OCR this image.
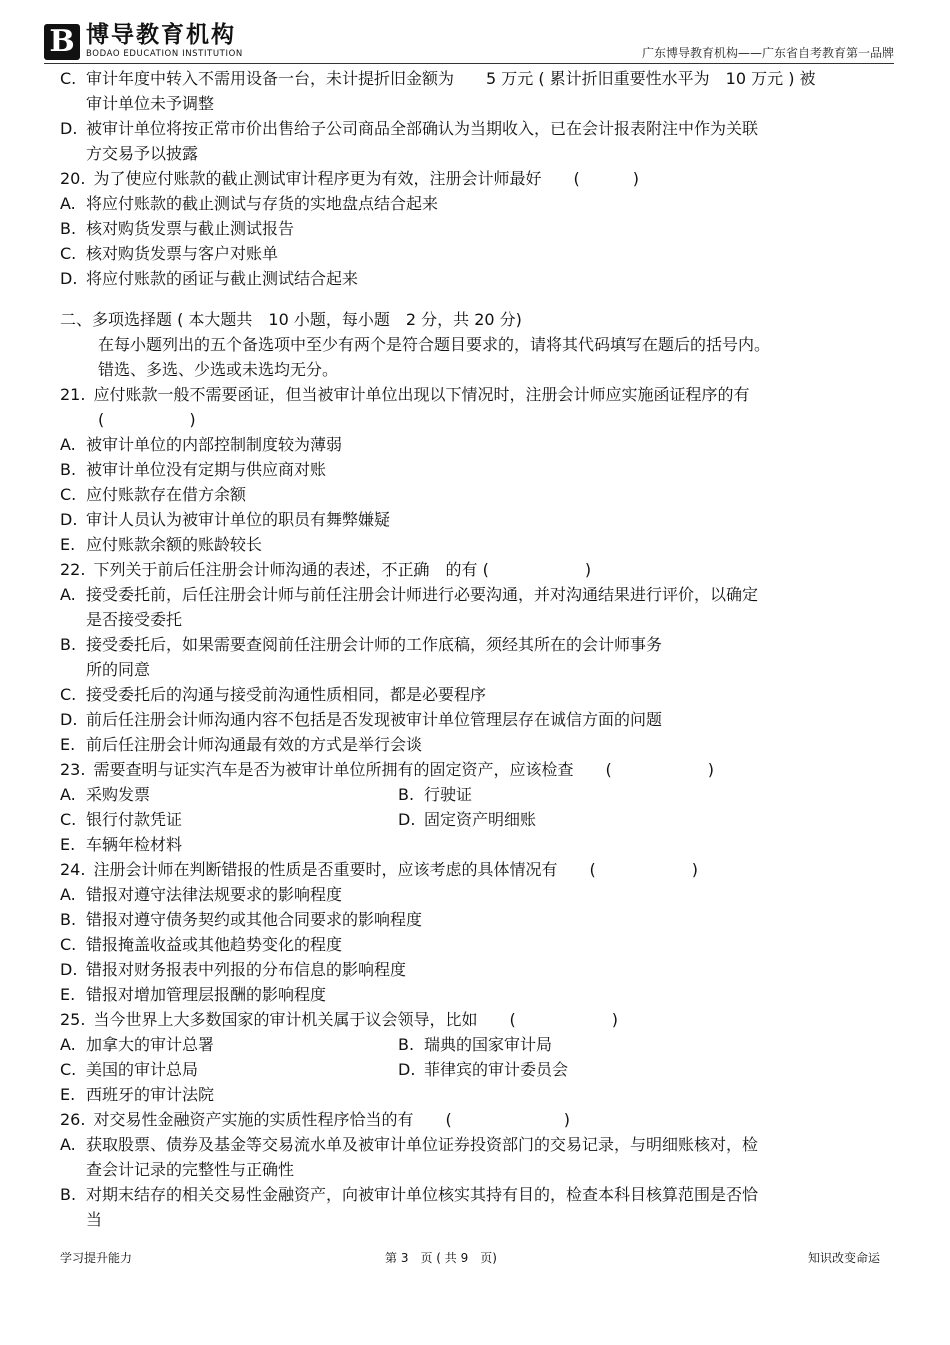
B 博导教育机构
BODAO EDUCATION INSTITUTION	广东博导教育机构——广东省自考教育第一品牌
C. 审计年度中转入不需用设备一台，未计提折旧金额为　　5 万元 ( 累计折旧重要性水平为　10 万元 ) 被
审计单位未予调整
D. 被审计单位将按正常市价出售给子公司商品全部确认为当期收入，已在会计报表附注中作为关联
方交易予以披露
20. 为了使应付账款的截止测试审计程序更为有效，注册会计师最好　　(　　　 )
A. 将应付账款的截止测试与存货的实地盘点结合起来
B. 核对购货发票与截止测试报告
C. 核对购货发票与客户对账单
D. 将应付账款的函证与截止测试结合起来
二、多项选择题 ( 本大题共　10 小题，每小题　2 分，共 20 分)
在每小题列出的五个备选项中至少有两个是符合题目要求的，请将其代码填写在题后的括号内。
错选、多选、少选或未选均无分。
21. 应付账款一般不需要函证，但当被审计单位出现以下情况时，注册会计师应实施函证程序的有
(　　　　　 )
A. 被审计单位的内部控制制度较为薄弱
B. 被审计单位没有定期与供应商对账
C. 应付账款存在借方余额
D. 审计人员认为被审计单位的职员有舞弊嫌疑
E. 应付账款余额的账龄较长
22. 下列关于前后任注册会计师沟通的表述， 不正确 · · · 　的有 (　　　　　　)
A. 接受委托前，后任注册会计师与前任注册会计师进行必要沟通，并对沟通结果进行评价，以确定
是否接受委托
B. 接受委托后，如果需要查阅前任注册会计师的工作底稿，须经其所在的会计师事务
所的同意
C. 接受委托后的沟通与接受前沟通性质相同，都是必要程序
D. 前后任注册会计师沟通内容不包括是否发现被审计单位管理层存在诚信方面的问题
E. 前后任注册会计师沟通最有效的方式是举行会谈
23. 需要查明与证实汽车是否为被审计单位所拥有的固定资产，应该检查　　(　　　　　　)
A. 采购发票	B. 行驶证
C. 银行付款凭证	D. 固定资产明细账
E. 车辆年检材料
24. 注册会计师在判断错报的性质是否重要时，应该考虑的具体情况有　　(　　　　　　)
A. 错报对遵守法律法规要求的影响程度
B. 错报对遵守债务契约或其他合同要求的影响程度
C. 错报掩盖收益或其他趋势变化的程度
D. 错报对财务报表中列报的分布信息的影响程度
E. 错报对增加管理层报酬的影响程度
25. 当今世界上大多数国家的审计机关属于议会领导，比如　　(　　　　　　)
A. 加拿大的审计总署	B. 瑞典的国家审计局
C. 美国的审计总局	D. 菲律宾的审计委员会
E. 西班牙的审计法院
26. 对交易性金融资产实施的实质性程序恰当的有　　(　　　　　　　)
A. 获取股票、债券及基金等交易流水单及被审计单位证券投资部门的交易记录，与明细账核对，检
查会计记录的完整性与正确性
B. 对期末结存的相关交易性金融资产，向被审计单位核实其持有目的，检查本科目核算范围是否恰
当
学习提升能力	第 3　页 ( 共 9　页)	知识改变命运
